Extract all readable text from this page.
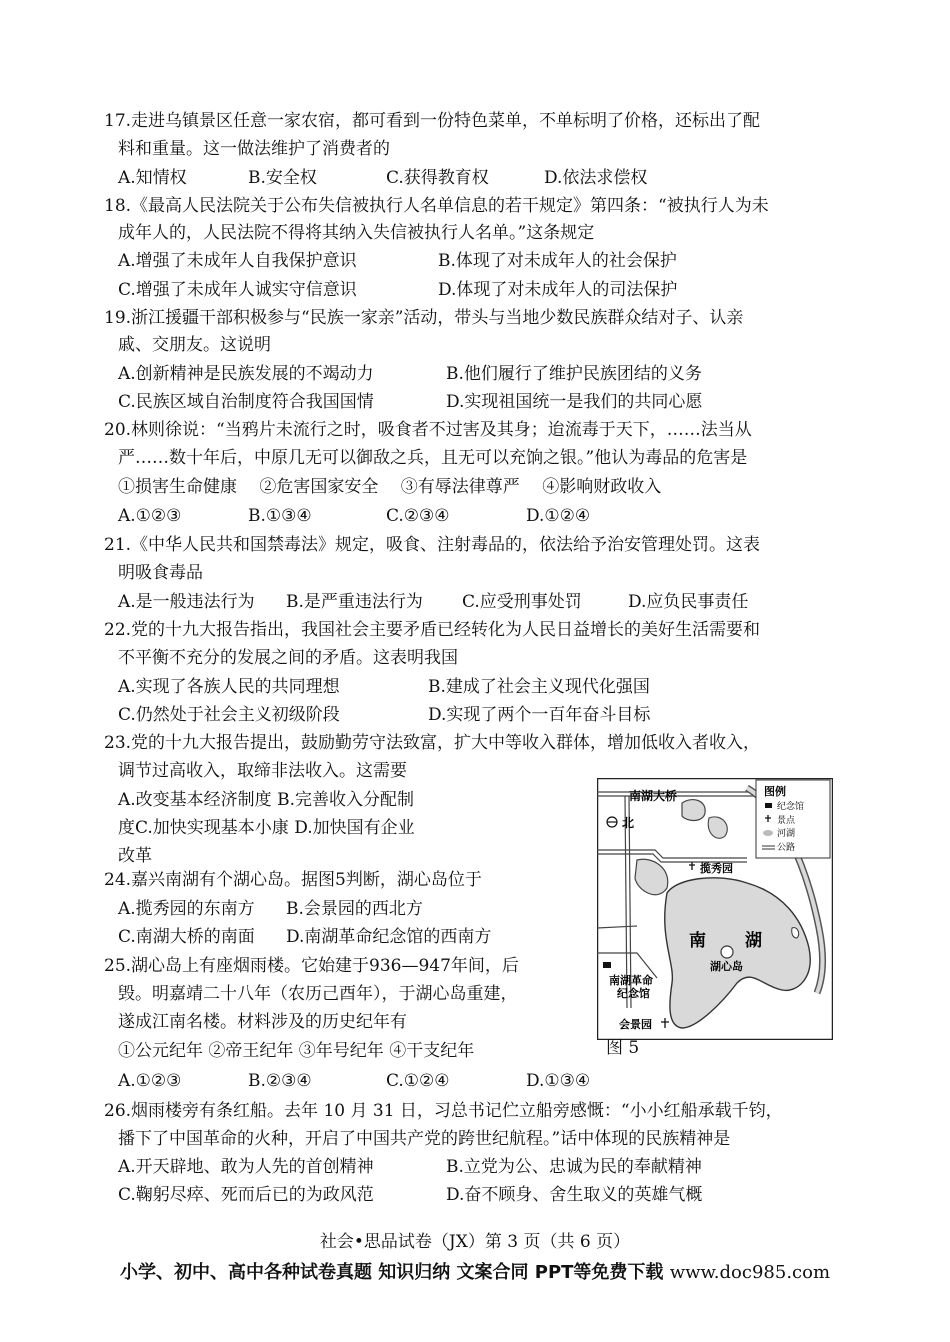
17.走进乌镇景区任意一家农宿，都可看到一份特色菜单，不单标明了价格，还标出了配
料和重量。这一做法维护了消费者的
A.知情权	B.安全权	C.获得教育权	D.依法求偿权
18.《最高人民法院关于公布失信被执行人名单信息的若干规定》第四条：“被执行人为未
成年人的，人民法院不得将其纳入失信被执行人名单。”这条规定
A.增强了未成年人自我保护意识	B.体现了对未成年人的社会保护
C.增强了未成年人诚实守信意识	D.体现了对未成年人的司法保护
19.浙江援疆干部积极参与“民族一家亲”活动，带头与当地少数民族群众结对子、认亲
戚、交朋友。这说明
A.创新精神是民族发展的不竭动力	B.他们履行了维护民族团结的义务
C.民族区域自治制度符合我国国情	D.实现祖国统一是我们的共同心愿
20.林则徐说：“当鸦片未流行之时，吸食者不过害及其身；迨流毒于天下，……法当从
严……数十年后，中原几无可以御敌之兵，且无可以充饷之银。”他认为毒品的危害是
①损害生命健康　 ②危害国家安全　 ③有辱法律尊严　 ④影响财政收入
A.①②③	B.①③④	C.②③④	D.①②④
21.《中华人民共和国禁毒法》规定，吸食、注射毒品的，依法给予治安管理处罚。这表
明吸食毒品
A.是一般违法行为 B.是严重违法行为 C.应受刑事处罚	D.应负民事责任
22.党的十九大报告指出，我国社会主要矛盾已经转化为人民日益增长的美好生活需要和
不平衡不充分的发展之间的矛盾。这表明我国
A.实现了各族人民的共同理想	B.建成了社会主义现代化强国
C.仍然处于社会主义初级阶段	D.实现了两个一百年奋斗目标
23.党的十九大报告提出，鼓励勤劳守法致富，扩大中等收入群体，增加低收入者收入，
调节过高收入，取缔非法收入。这需要
A.改变基本经济制度 B.完善收入分配制
度C.加快实现基本小康 D.加快国有企业
改革
24.嘉兴南湖有个湖心岛。据图5判断，湖心岛位于
A.揽秀园的东南方 B.会景园的西北方
C.南湖大桥的南面 D.南湖革命纪念馆的西南方
25.湖心岛上有座烟雨楼。它始建于936—947年间，后
毁。明嘉靖二十八年（农历己酉年），于湖心岛重建，
遂成江南名楼。材料涉及的历史纪年有
①公元纪年 ②帝王纪年 ③年号纪年 ④干支纪年
A.①②③	B.②③④	C.①②④	D.①③④
26.烟雨楼旁有条红船。去年 10 月 31 日，习总书记伫立船旁感慨：“小小红船承载千钧，
播下了中国革命的火种，开启了中国共产党的跨世纪航程。”话中体现的民族精神是
A.开天辟地、敢为人先的首创精神	B.立党为公、忠诚为民的奉献精神
C.鞠躬尽瘁、死而后已的为政风范	D.奋不顾身、舍生取义的英雄气概
图例
纪念馆
景点
河湖
公路
南湖大桥
北
揽秀园
南 湖
湖心岛
南湖革命
纪念馆
会景园
图 5
社会•思品试卷（JX）第 3 页（共 6 页）
小学、初中、高中各种试卷真题 知识归纳 文案合同 PPT等免费下载 www.doc985.com
